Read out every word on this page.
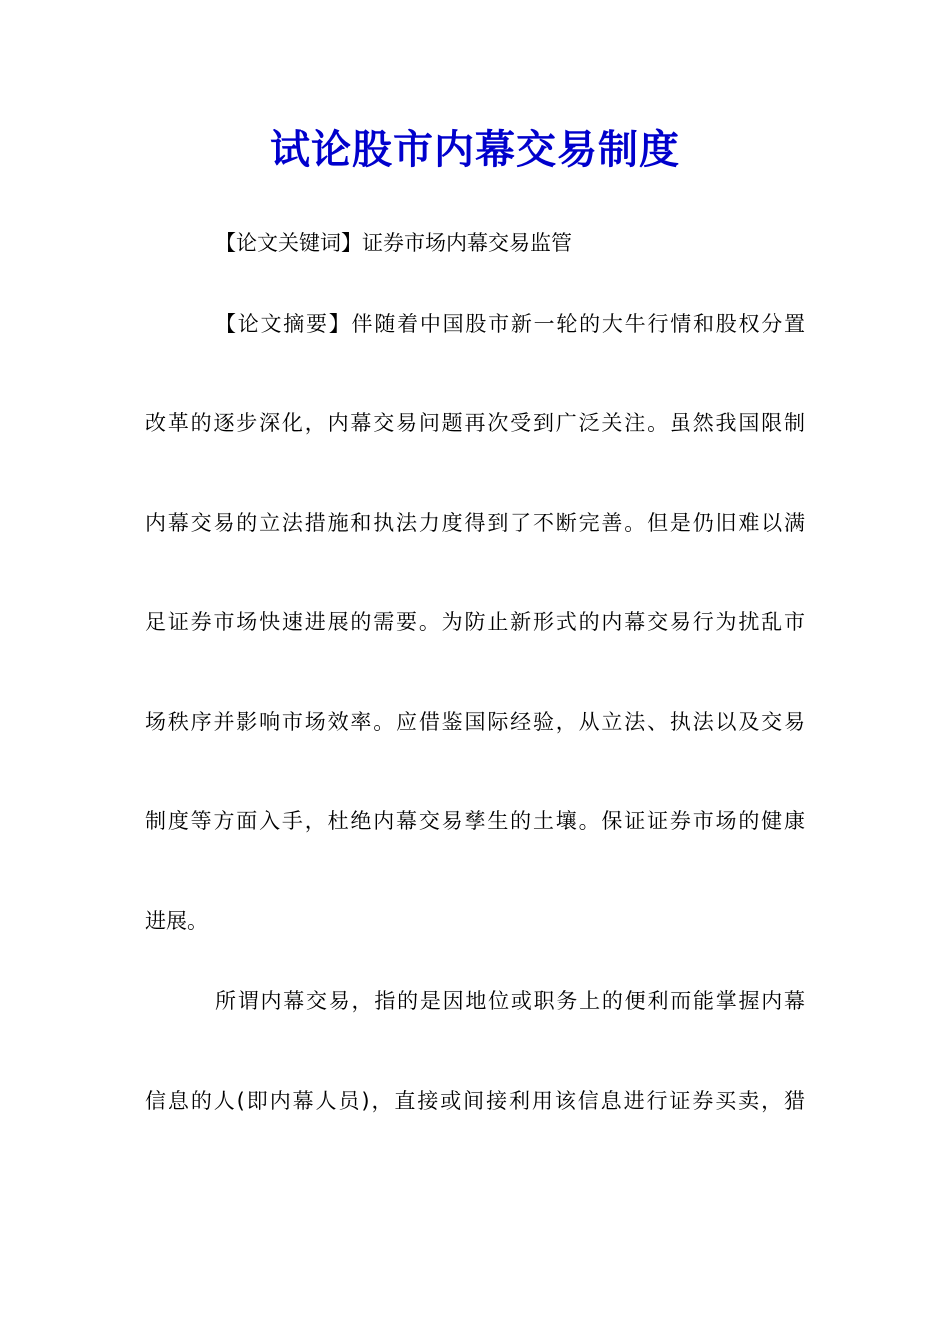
试论股市内幕交易制度
【论文关键词】证券市场内幕交易监管
【论文摘要】伴随着中国股市新一轮的大牛行情和股权分置
改革的逐步深化，内幕交易问题再次受到广泛关注。虽然我国限制
内幕交易的立法措施和执法力度得到了不断完善。但是仍旧难以满
足证券市场快速进展的需要。为防止新形式的内幕交易行为扰乱市
场秩序并影响市场效率。应借鉴国际经验，从立法、执法以及交易
制度等方面入手，杜绝内幕交易孳生的土壤。保证证券市场的健康
进展。
所谓内幕交易，指的是因地位或职务上的便利而能掌握内幕
信息的人(即内幕人员)，直接或间接利用该信息进行证券买卖，猎
